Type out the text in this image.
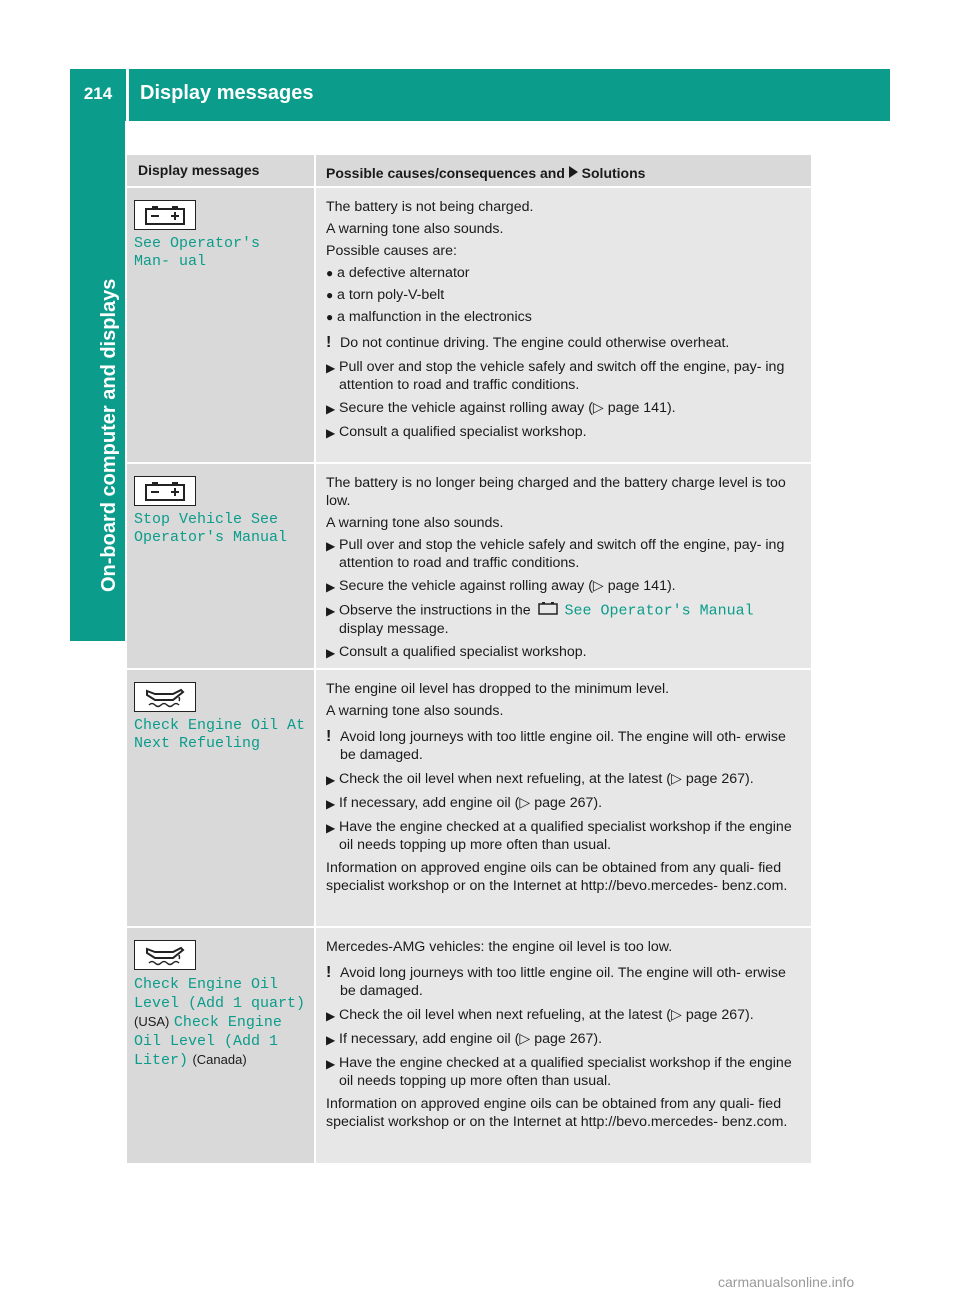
214	Display messages
On-board computer and displays
Display messages	Possible causes/consequences and Solutions
See Operator's Man‐ ual

The battery is not being charged.

A warning tone also sounds.

Possible causes are:

● a defective alternator
● a torn poly-V-belt
● a malfunction in the electronics
! Do not continue driving. The engine could otherwise overheat.
▶ Pull over and stop the vehicle safely and switch off the engine, pay- ing attention to road and traffic conditions.
▶ Secure the vehicle against rolling away (▷ page 141).
▶ Consult a qualified specialist workshop.
Stop Vehicle See Operator's Manual

The battery is no longer being charged and the battery charge level is too low.

A warning tone also sounds.

▶ Pull over and stop the vehicle safely and switch off the engine, pay- ing attention to road and traffic conditions.
▶ Secure the vehicle against rolling away (▷ page 141).
▶ Observe the instructions in the See Operator's Manual
display message.
▶ Consult a qualified specialist workshop.
Check Engine Oil At Next Refueling

The engine oil level has dropped to the minimum level.

A warning tone also sounds.

! Avoid long journeys with too little engine oil. The engine will oth- erwise be damaged.
▶ Check the oil level when next refueling, at the latest (▷ page 267).
▶ If necessary, add engine oil (▷ page 267).
▶ Have the engine checked at a qualified specialist workshop if the engine oil needs topping up more often than usual.

Information on approved engine oils can be obtained from any quali- fied specialist workshop or on the Internet at http://bevo.mercedes- benz.com.

Check Engine Oil Level (Add 1 quart) (USA) Check Engine Oil Level (Add 1 Liter) (Canada)

Mercedes-AMG vehicles: the engine oil level is too low.

! Avoid long journeys with too little engine oil. The engine will oth- erwise be damaged.
▶ Check the oil level when next refueling, at the latest (▷ page 267).
▶ If necessary, add engine oil (▷ page 267).
▶ Have the engine checked at a qualified specialist workshop if the engine oil needs topping up more often than usual.

Information on approved engine oils can be obtained from any quali- fied specialist workshop or on the Internet at http://bevo.mercedes- benz.com.

carmanualsonline.info
